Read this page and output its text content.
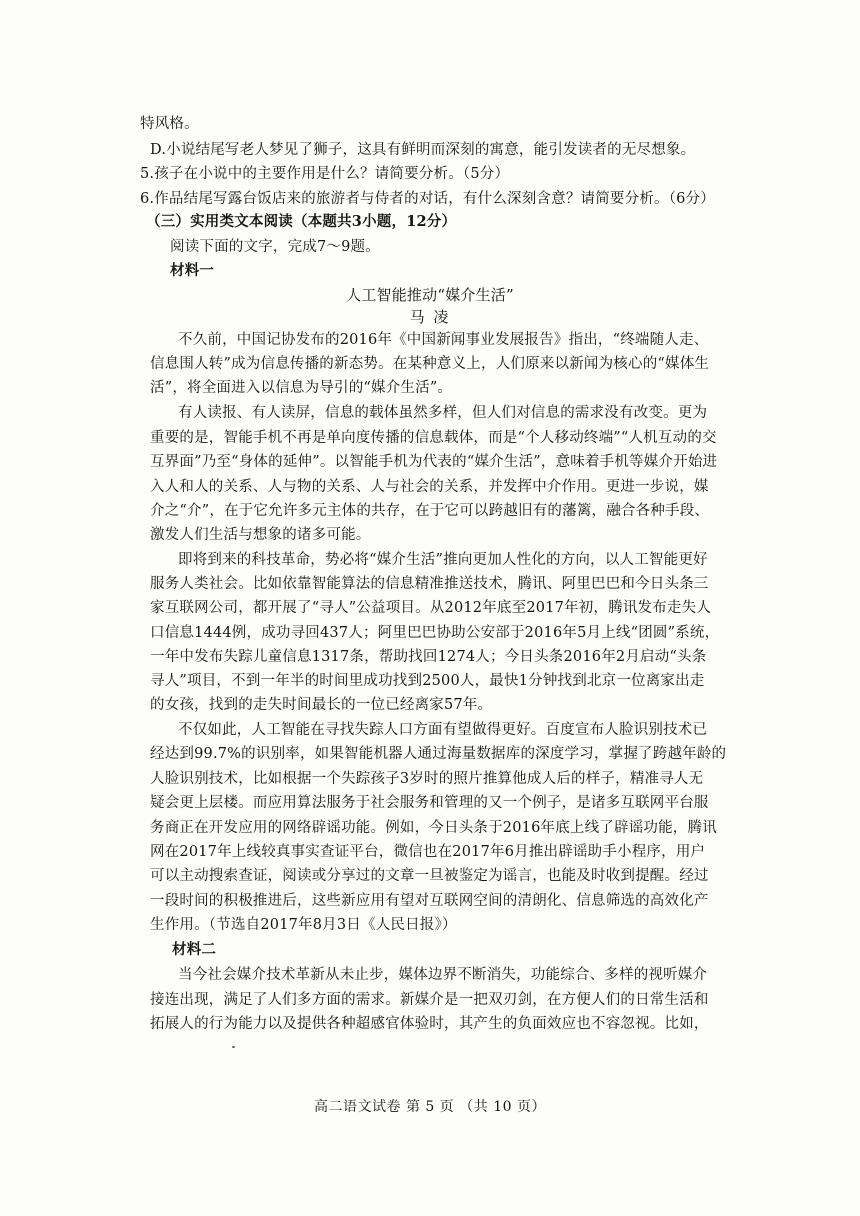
特风格。
D.小说结尾写老人梦见了狮子，这具有鲜明而深刻的寓意，能引发读者的无尽想象。
5.孩子在小说中的主要作用是什么？请简要分析。（5分）
6.作品结尾写露台饭店来的旅游者与侍者的对话，有什么深刻含意？请简要分析。（6分）
（三）实用类文本阅读（本题共3小题，12分）
阅读下面的文字，完成7～9题。
材料一
不久前，中国记协发布的2016年《中国新闻事业发展报告》指出，“终端随人走、
信息围人转”成为信息传播的新态势。在某种意义上，人们原来以新闻为核心的“媒体生
活”，将全面进入以信息为导引的“媒介生活”。
有人读报、有人读屏，信息的载体虽然多样，但人们对信息的需求没有改变。更为
重要的是，智能手机不再是单向度传播的信息载体，而是“个人移动终端”“人机互动的交
互界面”乃至“身体的延伸”。以智能手机为代表的“媒介生活”，意味着手机等媒介开始进
入人和人的关系、人与物的关系、人与社会的关系，并发挥中介作用。更进一步说，媒
介之“介”，在于它允许多元主体的共存，在于它可以跨越旧有的藩篱，融合各种手段、
激发人们生活与想象的诸多可能。
即将到来的科技革命，势必将“媒介生活”推向更加人性化的方向，以人工智能更好
服务人类社会。比如依靠智能算法的信息精准推送技术，腾讯、阿里巴巴和今日头条三
家互联网公司，都开展了“寻人”公益项目。从2012年底至2017年初，腾讯发布走失人
口信息1444例，成功寻回437人；阿里巴巴协助公安部于2016年5月上线“团圆”系统，
一年中发布失踪儿童信息1317条，帮助找回1274人；今日头条2016年2月启动“头条
寻人”项目，不到一年半的时间里成功找到2500人，最快1分钟找到北京一位离家出走
的女孩，找到的走失时间最长的一位已经离家57年。
不仅如此，人工智能在寻找失踪人口方面有望做得更好。百度宣布人脸识别技术已
经达到99.7%的识别率，如果智能机器人通过海量数据库的深度学习，掌握了跨越年龄的
人脸识别技术，比如根据一个失踪孩子3岁时的照片推算他成人后的样子，精准寻人无
疑会更上层楼。而应用算法服务于社会服务和管理的又一个例子，是诸多互联网平台服
务商正在开发应用的网络辟谣功能。例如，今日头条于2016年底上线了辟谣功能，腾讯
网在2017年上线较真事实查证平台，微信也在2017年6月推出辟谣助手小程序，用户
可以主动搜索查证，阅读或分享过的文章一旦被鉴定为谣言，也能及时收到提醒。经过
一段时间的积极推进后，这些新应用有望对互联网空间的清朗化、信息筛选的高效化产
生作用。（节选自2017年8月3日《人民日报》）
材料二
当今社会媒介技术革新从未止步，媒体边界不断消失，功能综合、多样的视听媒介
接连出现，满足了人们多方面的需求。新媒介是一把双刃剑，在方便人们的日常生活和
拓展人的行为能力以及提供各种超感官体验时，其产生的负面效应也不容忽视。比如，
人工智能推动“媒介生活”
马 凌
高二语文试卷 第 5 页 （共 10 页）
